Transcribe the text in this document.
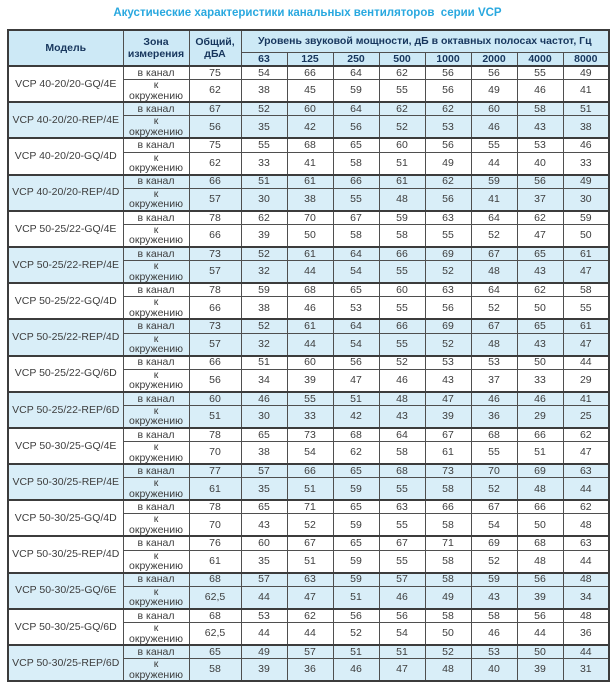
Акустические характеристики канальных вентиляторов  серии VCP
Модель	Зона измерения	Общий, дБА	Уровень звуковой мощности, дБ в октавных полосах частот, Гц							
			63	125	250	500	1000	2000	4000	8000
VCP 40-20/20-GQ/4E	в канал	75	54	66	64	62	56	56	55	49
	к окружению	62	38	45	59	55	56	49	46	41
VCP 40-20/20-REP/4E	в канал	67	52	60	64	62	62	60	58	51
	к окружению	56	35	42	56	52	53	46	43	38
VCP 40-20/20-GQ/4D	в канал	75	55	68	65	60	56	55	53	46
	к окружению	62	33	41	58	51	49	44	40	33
VCP 40-20/20-REP/4D	в канал	66	51	61	66	61	62	59	56	49
	к окружению	57	30	38	55	48	56	41	37	30
VCP 50-25/22-GQ/4E	в канал	78	62	70	67	59	63	64	62	59
	к окружению	66	39	50	58	58	55	52	47	50
VCP 50-25/22-REP/4E	в канал	73	52	61	64	66	69	67	65	61
	к окружению	57	32	44	54	55	52	48	43	47
VCP 50-25/22-GQ/4D	в канал	78	59	68	65	60	63	64	62	58
	к окружению	66	38	46	53	55	56	52	50	55
VCP 50-25/22-REP/4D	в канал	73	52	61	64	66	69	67	65	61
	к окружению	57	32	44	54	55	52	48	43	47
VCP 50-25/22-GQ/6D	в канал	66	51	60	56	52	53	53	50	44
	к окружению	56	34	39	47	46	43	37	33	29
VCP 50-25/22-REP/6D	в канал	60	46	55	51	48	47	46	46	41
	к окружению	51	30	33	42	43	39	36	29	25
VCP 50-30/25-GQ/4E	в канал	78	65	73	68	64	67	68	66	62
	к окружению	70	38	54	62	58	61	55	51	47
VCP 50-30/25-REP/4E	в канал	77	57	66	65	68	73	70	69	63
	к окружению	61	35	51	59	55	58	52	48	44
VCP 50-30/25-GQ/4D	в канал	78	65	71	65	63	66	67	66	62
	к окружению	70	43	52	59	55	58	54	50	48
VCP 50-30/25-REP/4D	в канал	76	60	67	65	67	71	69	68	63
	к окружению	61	35	51	59	55	58	52	48	44
VCP 50-30/25-GQ/6E	в канал	68	57	63	59	57	58	59	56	48
	к окружению	62,5	44	47	51	46	49	43	39	34
VCP 50-30/25-GQ/6D	в канал	68	53	62	56	56	58	58	56	48
	к окружению	62,5	44	44	52	54	50	46	44	36
VCP 50-30/25-REP/6D	в канал	65	49	57	51	51	52	53	50	44
	к окружению	58	39	36	46	47	48	40	39	31
